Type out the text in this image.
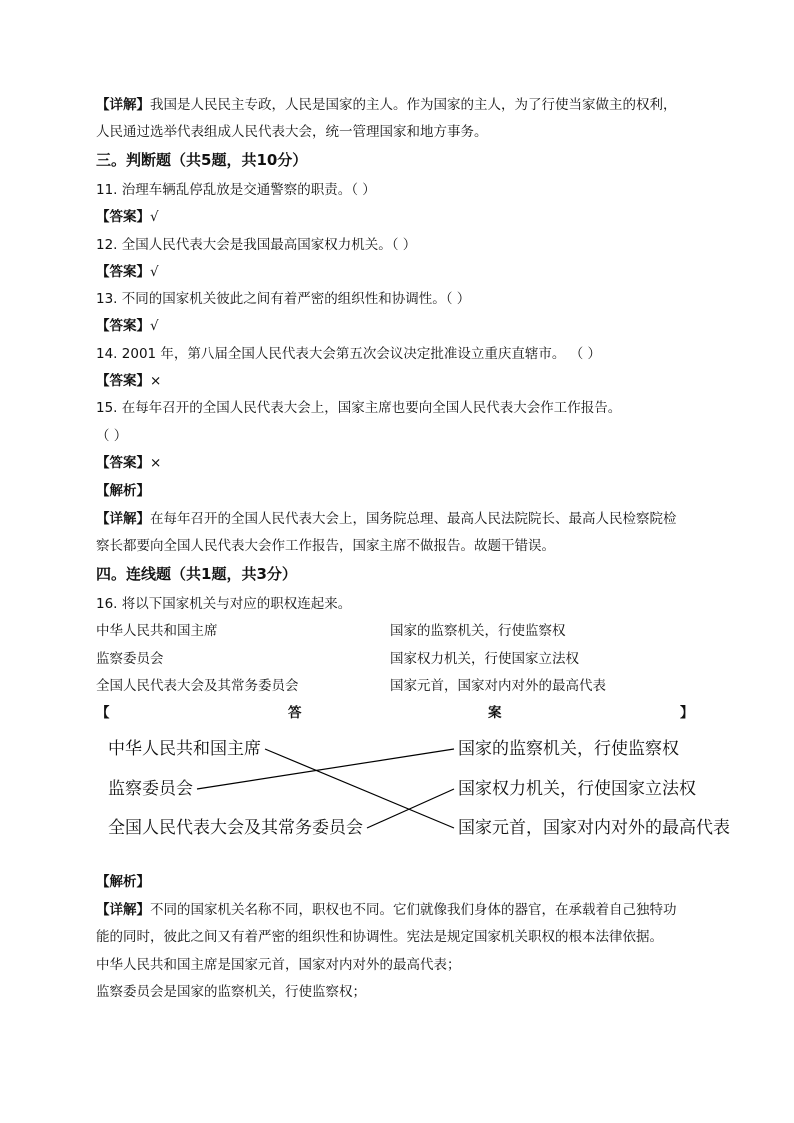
【详解】我国是人民民主专政，人民是国家的主人。作为国家的主人，为了行使当家做主的权利，
人民通过选举代表组成人民代表大会，统一管理国家和地方事务。
三。判断题（共5题，共10分）
11. 治理车辆乱停乱放是交通警察的职责。（ ）
【答案】√
12. 全国人民代表大会是我国最高国家权力机关。（ ）
【答案】√
13. 不同的国家机关彼此之间有着严密的组织性和协调性。（ ）
【答案】√
14. 2001 年，第八届全国人民代表大会第五次会议决定批准设立重庆直辖市。 （ ）
【答案】×
15. 在每年召开的全国人民代表大会上，国家主席也要向全国人民代表大会作工作报告。
（ ）
【答案】×
【解析】
【详解】在每年召开的全国人民代表大会上，国务院总理、最高人民法院院长、最高人民检察院检
察长都要向全国人民代表大会作工作报告，国家主席不做报告。故题干错误。
四。连线题（共1题，共3分）
16. 将以下国家机关与对应的职权连起来。
中华人民共和国主席	国家的监察机关，行使监察权
监察委员会	国家权力机关，行使国家立法权
全国人民代表大会及其常务委员会	国家元首，国家对内对外的最高代表
【	答	案	】
中华人民共和国主席
监察委员会
全国人民代表大会及其常务委员会
国家的监察机关，行使监察权
国家权力机关，行使国家立法权
国家元首，国家对内对外的最高代表
【解析】
【详解】不同的国家机关名称不同，职权也不同。它们就像我们身体的器官，在承载着自己独特功
能的同时，彼此之间又有着严密的组织性和协调性。宪法是规定国家机关职权的根本法律依据。
中华人民共和国主席是国家元首，国家对内对外的最高代表；
监察委员会是国家的监察机关，行使监察权；
